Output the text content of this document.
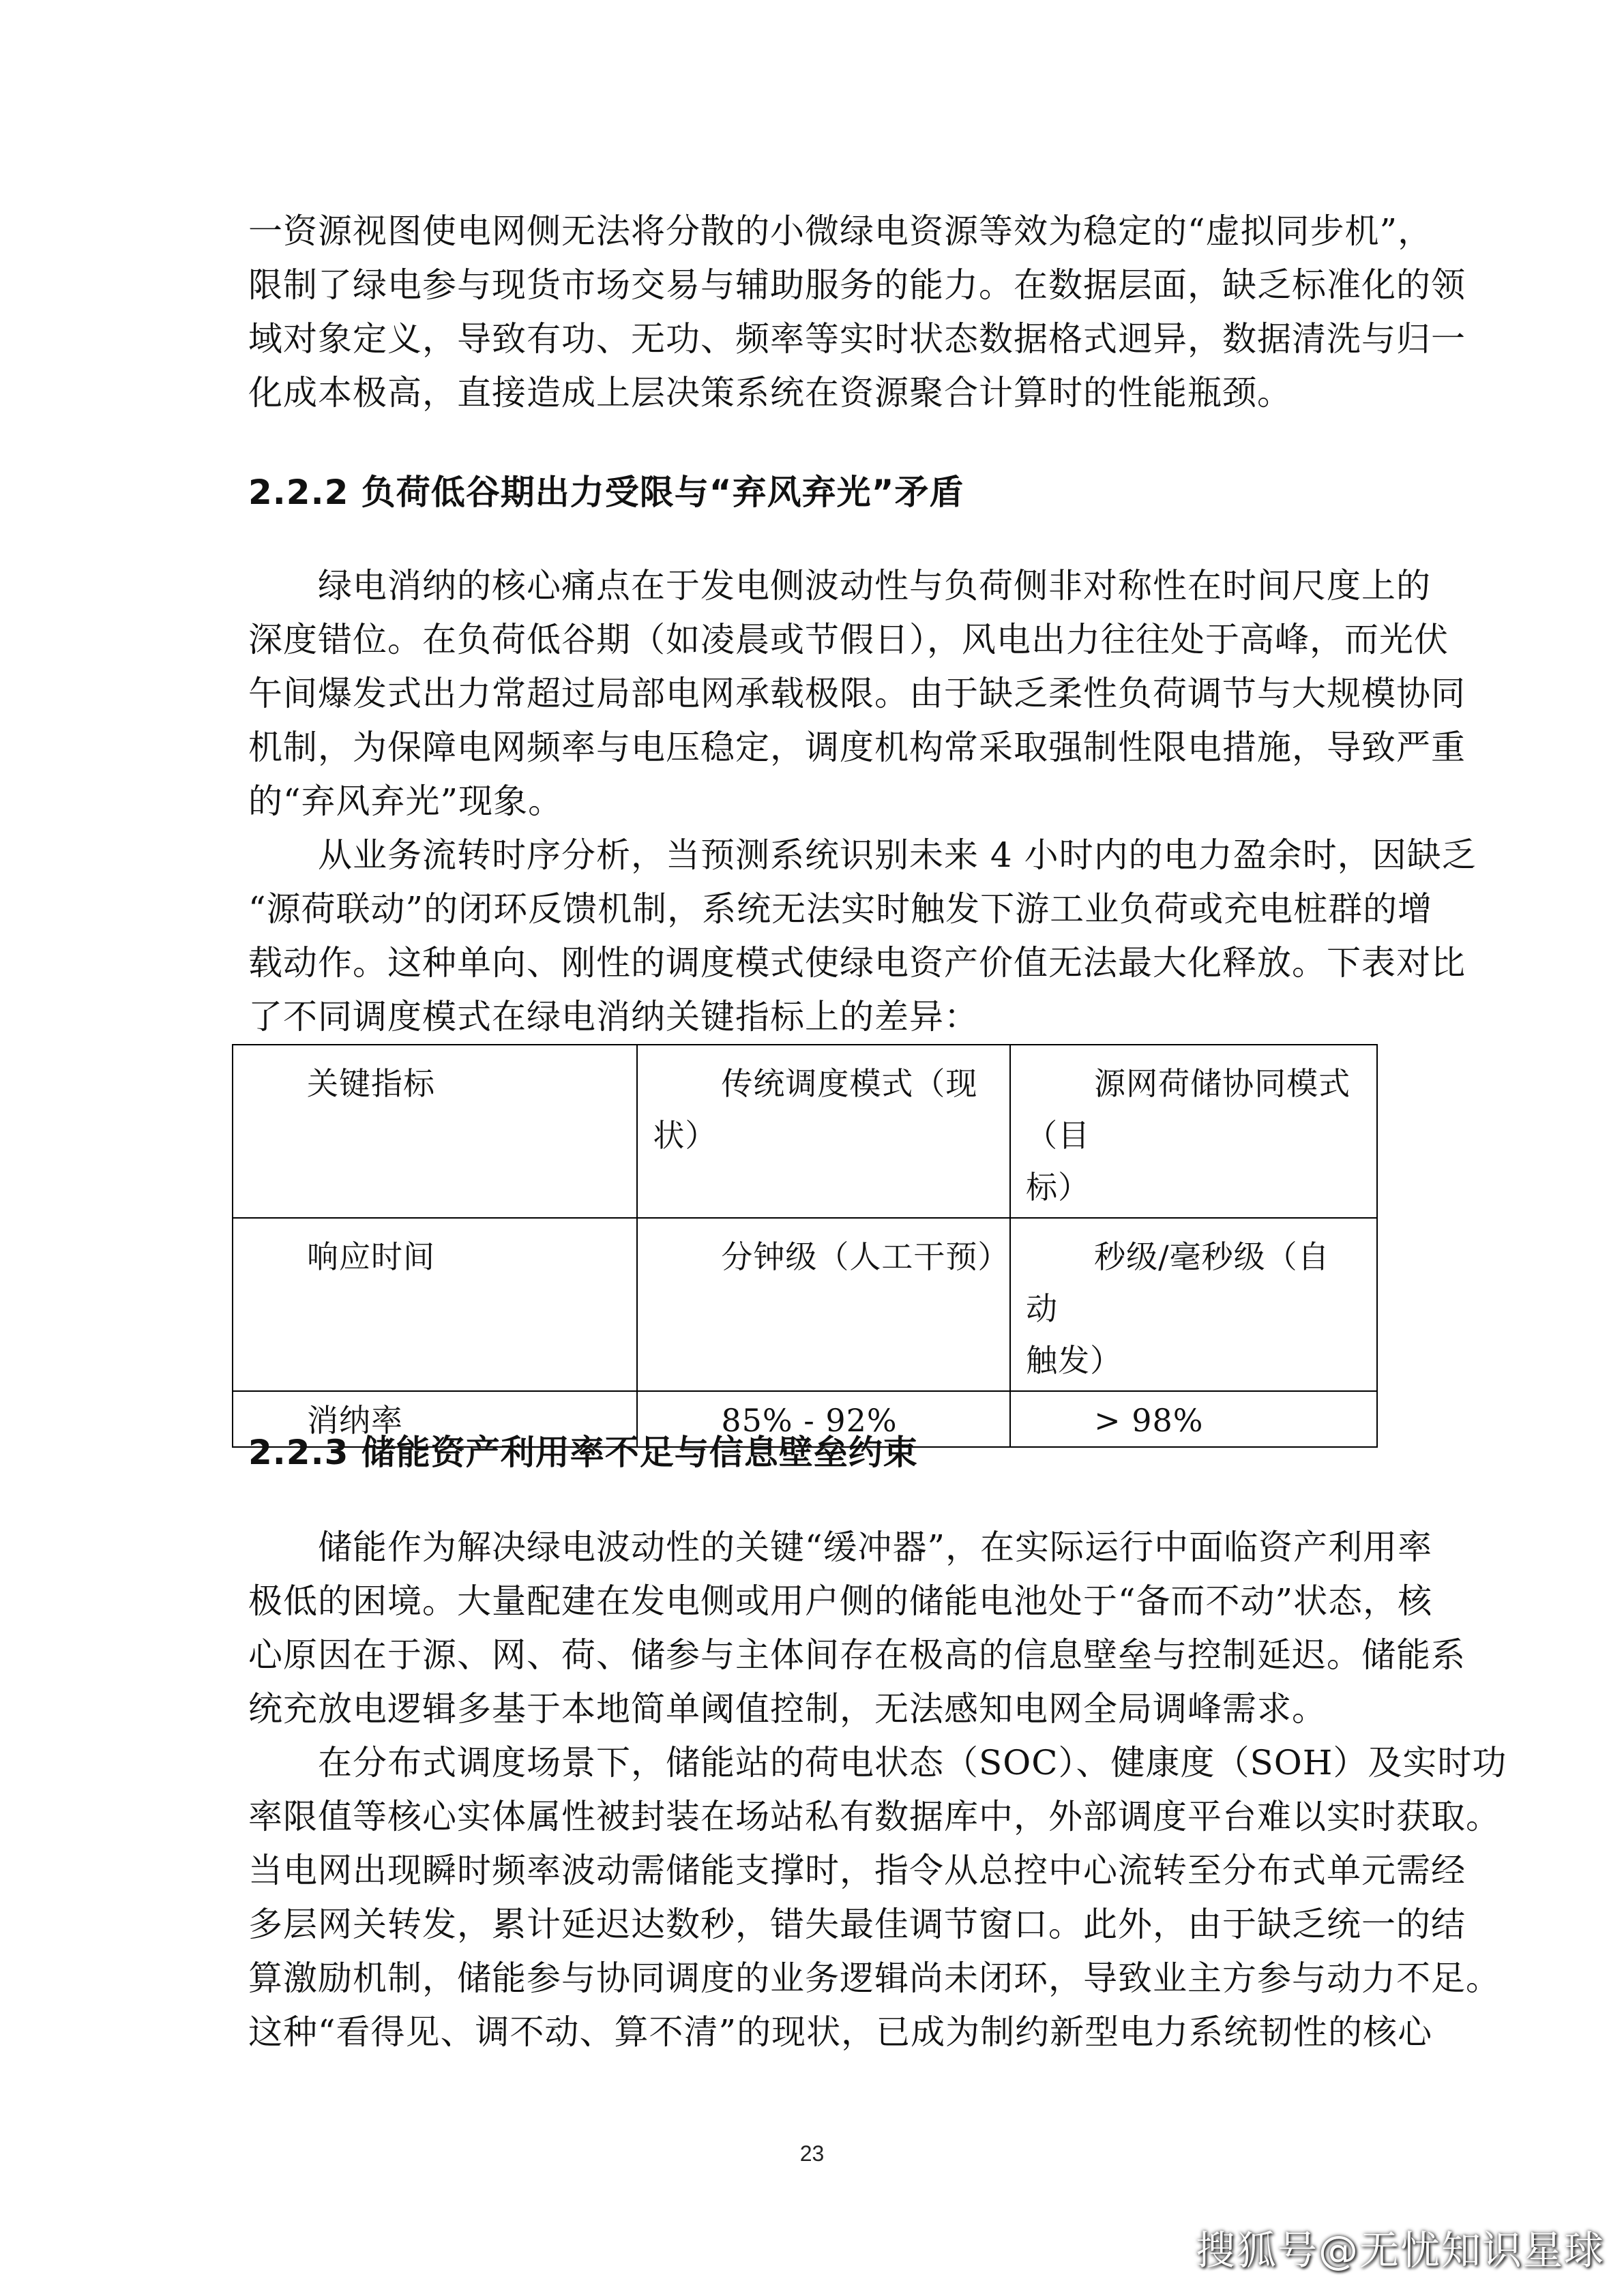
一资源视图使电网侧无法将分散的小微绿电资源等效为稳定的“虚拟同步机”，
限制了绿电参与现货市场交易与辅助服务的能力。在数据层面，缺乏标准化的领
域对象定义，导致有功、无功、频率等实时状态数据格式迥异，数据清洗与归一
化成本极高，直接造成上层决策系统在资源聚合计算时的性能瓶颈。
2.2.2 负荷低谷期出力受限与“弃风弃光”矛盾
　　绿电消纳的核心痛点在于发电侧波动性与负荷侧非对称性在时间尺度上的
深度错位。在负荷低谷期（如凌晨或节假日），风电出力往往处于高峰，而光伏
午间爆发式出力常超过局部电网承载极限。由于缺乏柔性负荷调节与大规模协同
机制，为保障电网频率与电压稳定，调度机构常采取强制性限电措施，导致严重
的“弃风弃光”现象。
　　从业务流转时序分析，当预测系统识别未来 4 小时内的电力盈余时，因缺乏
“源荷联动”的闭环反馈机制，系统无法实时触发下游工业负荷或充电桩群的增
载动作。这种单向、刚性的调度模式使绿电资产价值无法最大化释放。下表对比
了不同调度模式在绿电消纳关键指标上的差异：
关键指标	传统调度模式（现状）	源网荷储协同模式（目
标）
响应时间	分钟级（人工干预）	秒级/毫秒级（自动
触发）
消纳率	85% - 92%	> 98%
2.2.3 储能资产利用率不足与信息壁垒约束
　　储能作为解决绿电波动性的关键“缓冲器”，在实际运行中面临资产利用率
极低的困境。大量配建在发电侧或用户侧的储能电池处于“备而不动”状态，核
心原因在于源、网、荷、储参与主体间存在极高的信息壁垒与控制延迟。储能系
统充放电逻辑多基于本地简单阈值控制，无法感知电网全局调峰需求。
　　在分布式调度场景下，储能站的荷电状态（SOC）、健康度（SOH）及实时功
率限值等核心实体属性被封装在场站私有数据库中，外部调度平台难以实时获取。
当电网出现瞬时频率波动需储能支撑时，指令从总控中心流转至分布式单元需经
多层网关转发，累计延迟达数秒，错失最佳调节窗口。此外，由于缺乏统一的结
算激励机制，储能参与协同调度的业务逻辑尚未闭环，导致业主方参与动力不足。
这种“看得见、调不动、算不清”的现状，已成为制约新型电力系统韧性的核心
23
搜狐号@无忧知识星球
